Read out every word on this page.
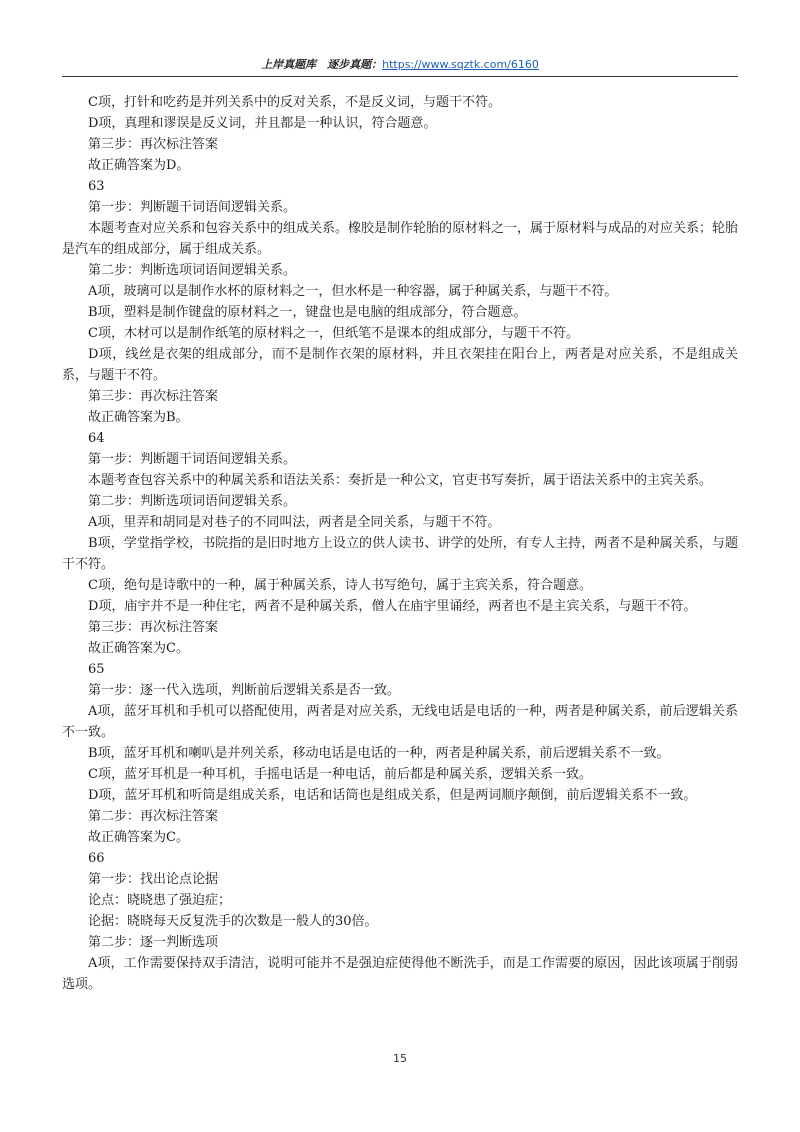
上岸真题库　逐步真题：https://www.sqztk.com/6160

C项，打针和吃药是并列关系中的反对关系，不是反义词，与题干不符。

D项，真理和谬误是反义词，并且都是一种认识，符合题意。

第三步：再次标注答案

故正确答案为D。

63

第一步：判断题干词语间逻辑关系。

本题考查对应关系和包容关系中的组成关系。橡胶是制作轮胎的原材料之一，属于原材料与成品的对应关系；轮胎是汽车的组成部分，属于组成关系。

第二步：判断选项词语间逻辑关系。

A项，玻璃可以是制作水杯的原材料之一，但水杯是一种容器，属于种属关系，与题干不符。

B项，塑料是制作键盘的原材料之一，键盘也是电脑的组成部分，符合题意。

C项，木材可以是制作纸笔的原材料之一，但纸笔不是课本的组成部分，与题干不符。

D项，线丝是衣架的组成部分，而不是制作衣架的原材料，并且衣架挂在阳台上，两者是对应关系，不是组成关系，与题干不符。

第三步：再次标注答案

故正确答案为B。

64

第一步：判断题干词语间逻辑关系。

本题考查包容关系中的种属关系和语法关系：奏折是一种公文，官吏书写奏折，属于语法关系中的主宾关系。

第二步：判断选项词语间逻辑关系。

A项，里弄和胡同是对巷子的不同叫法，两者是全同关系，与题干不符。

B项，学堂指学校，书院指的是旧时地方上设立的供人读书、讲学的处所，有专人主持，两者不是种属关系，与题干不符。

C项，绝句是诗歌中的一种，属于种属关系，诗人书写绝句，属于主宾关系，符合题意。

D项，庙宇并不是一种住宅，两者不是种属关系，僧人在庙宇里诵经，两者也不是主宾关系，与题干不符。

第三步：再次标注答案

故正确答案为C。

65

第一步：逐一代入选项，判断前后逻辑关系是否一致。

A项，蓝牙耳机和手机可以搭配使用，两者是对应关系，无线电话是电话的一种，两者是种属关系，前后逻辑关系不一致。

B项，蓝牙耳机和喇叭是并列关系，移动电话是电话的一种，两者是种属关系，前后逻辑关系不一致。

C项，蓝牙耳机是一种耳机，手摇电话是一种电话，前后都是种属关系，逻辑关系一致。

D项，蓝牙耳机和听筒是组成关系，电话和话筒也是组成关系，但是两词顺序颠倒，前后逻辑关系不一致。

第二步：再次标注答案

故正确答案为C。

66

第一步：找出论点论据

论点：晓晓患了强迫症；

论据：晓晓每天反复洗手的次数是一般人的30倍。

第二步：逐一判断选项

A项，工作需要保持双手清洁，说明可能并不是强迫症使得他不断洗手，而是工作需要的原因，因此该项属于削弱选项。

15
